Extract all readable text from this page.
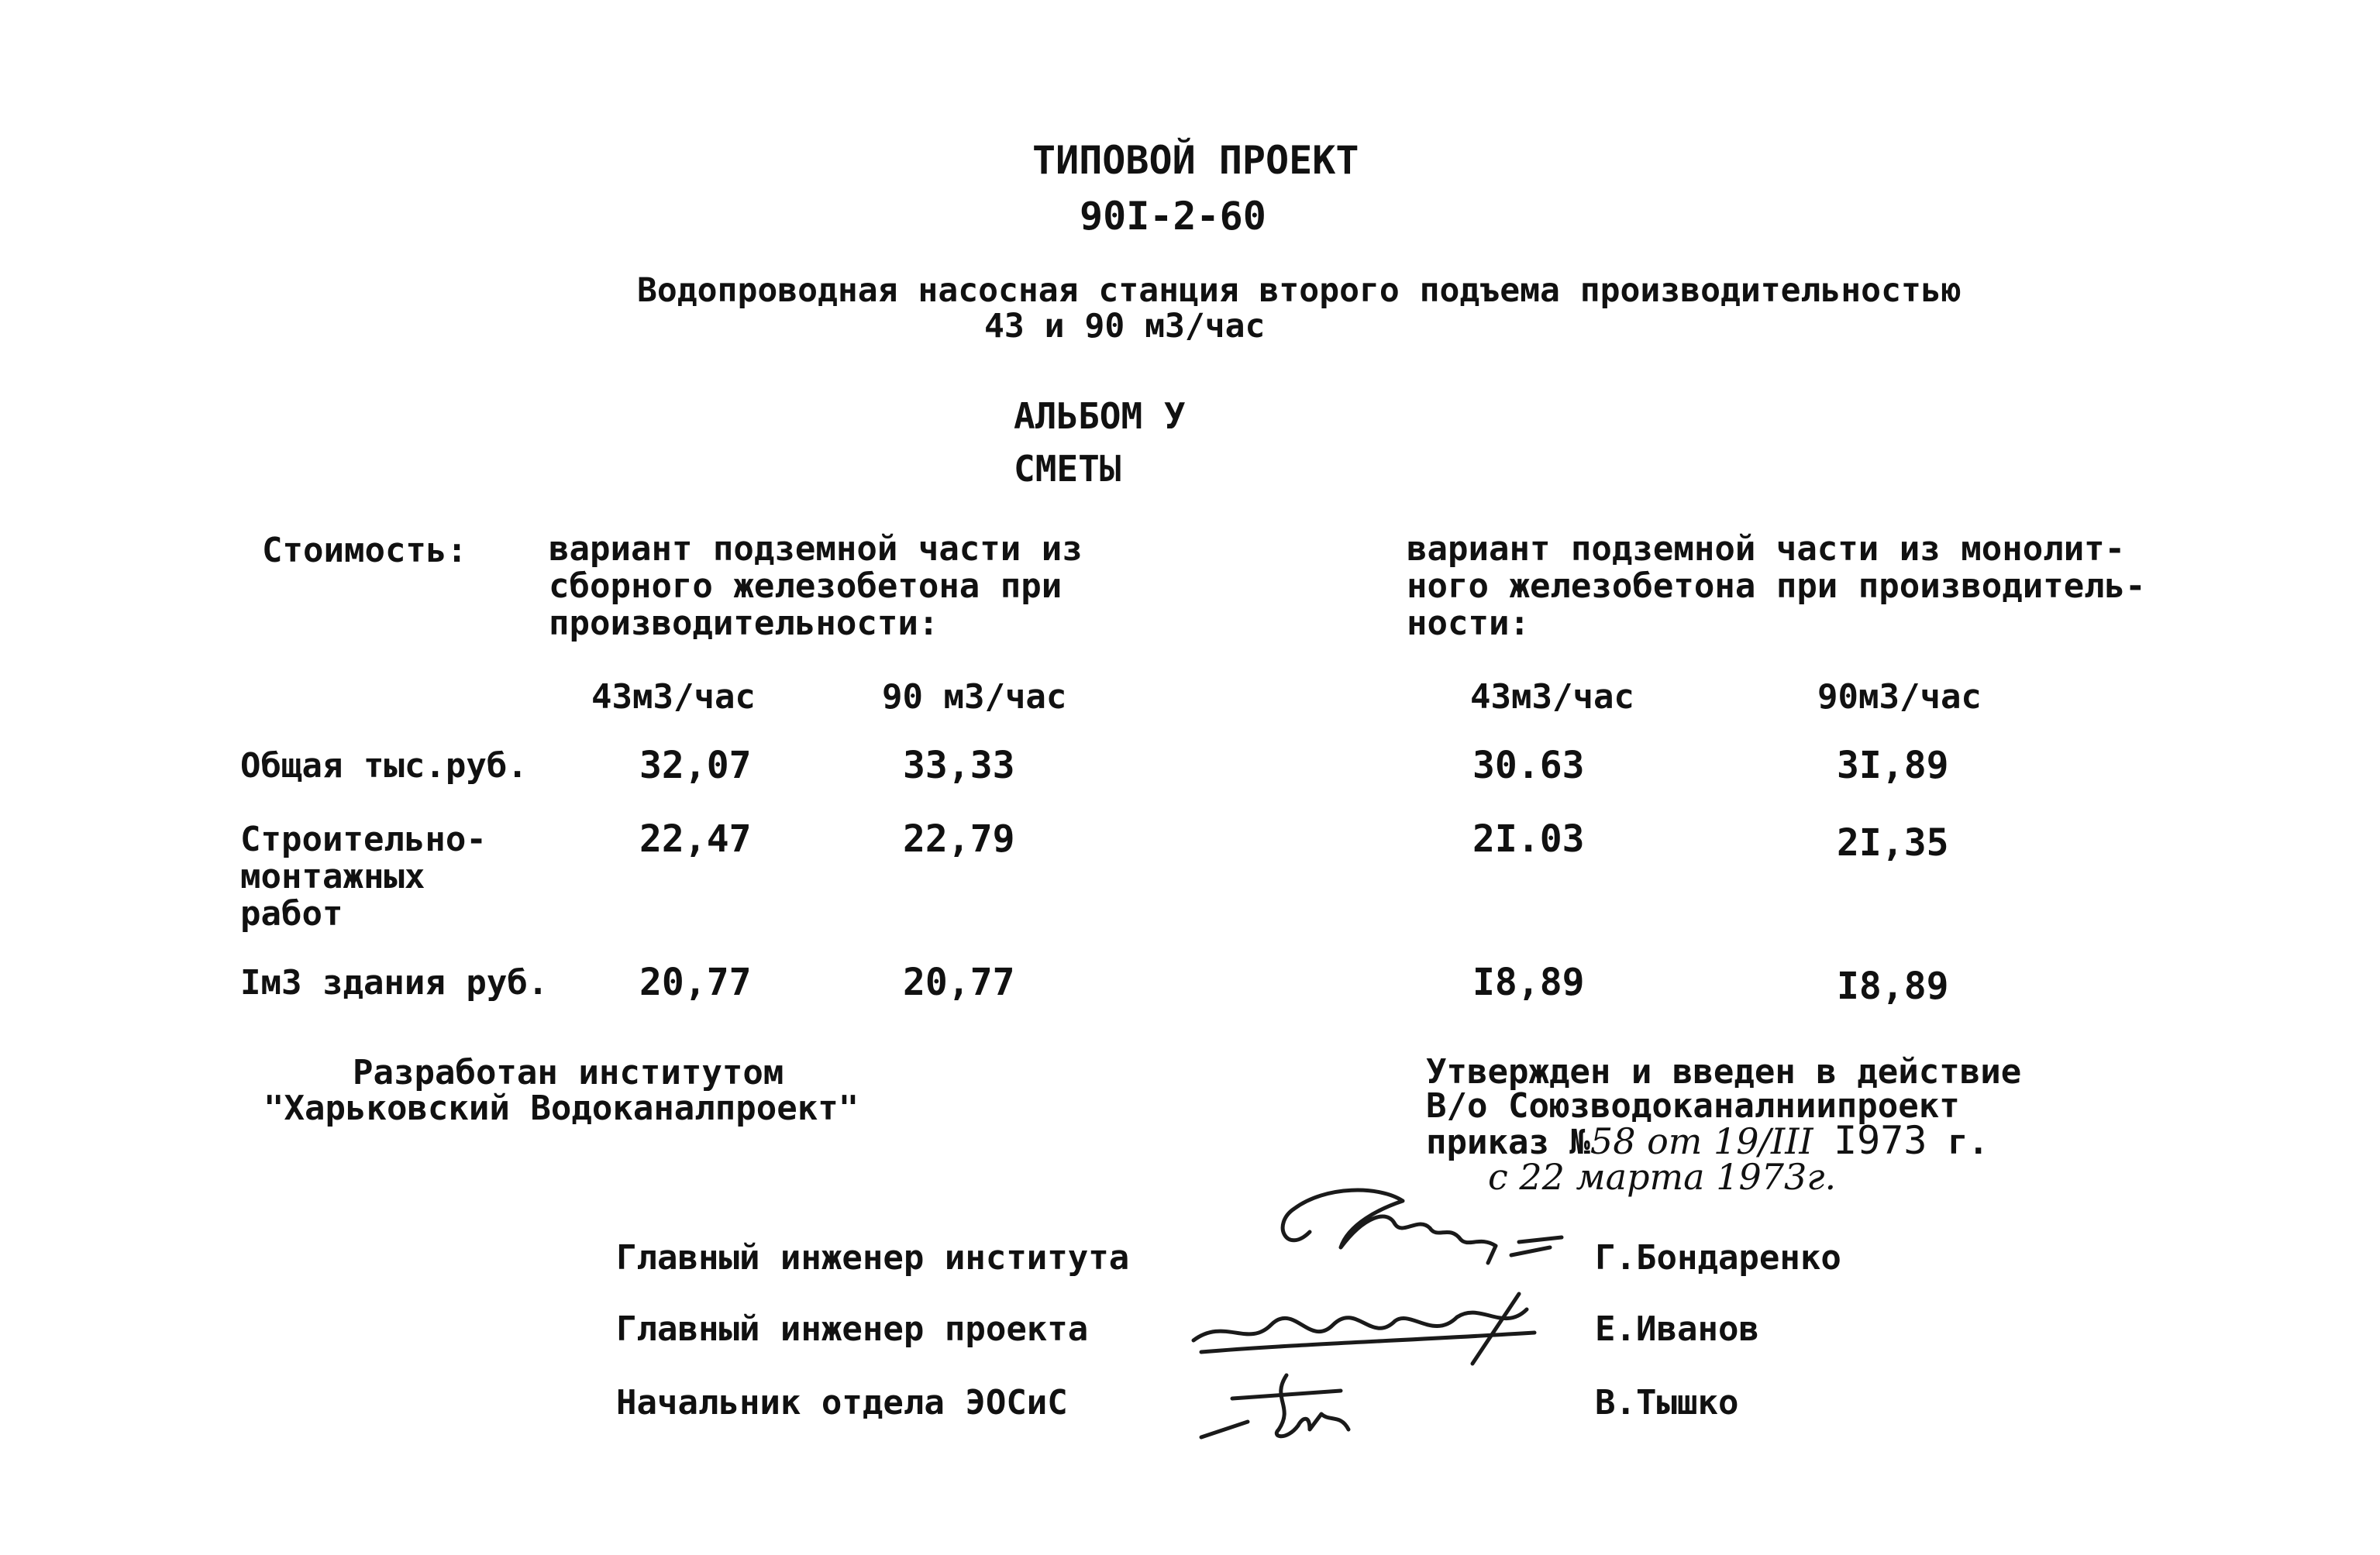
ТИПОВОЙ ПРОЕКТ
90I-2-60
Водопроводная насосная станция второго подъема производительностью
43 и 90 м3/час
АЛЬБОМ У
СМЕТЫ
Стоимость: вариант подземной части из
сборного железобетона при
производительности:
вариант подземной части из монолит-
ного железобетона при производитель-
ности:
43м3/час	90 м3/час	43м3/час	90м3/час
Общая тыс.руб.	32,07	33,33	30.63	3I,89
Строительно-
монтажных
работ
22,47	22,79	2I.03	2I,35
Iм3 здания руб. 20,77	20,77	I8,89	I8,89
Разработан институтом
"Харьковский Водоканалпроект"
Утвержден и введен в действие
В/о Союзводоканалниипроект
приказ №58 от 19/III I973 г.
с 22 марта 1973г.
Главный инженер института	Г.Бондаренко
Главный инженер проекта	Е.Иванов
Начальник отдела ЭОСиС	В.Тышко
